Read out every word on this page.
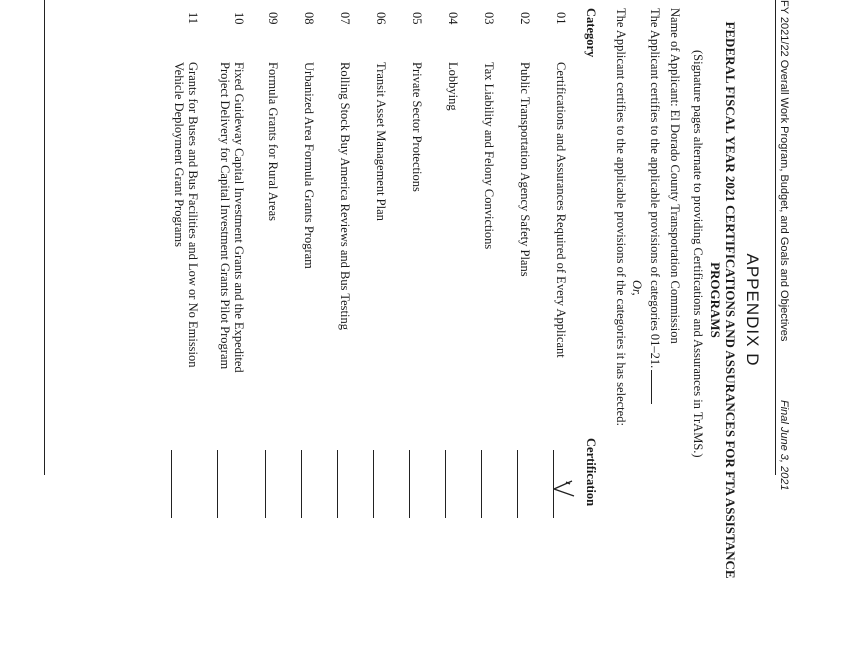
FY 2021/22 Overall Work Program, Budget, and Goals and Objectives
Final June 3, 2021
APPENDIX D
FEDERAL FISCAL YEAR 2021 CERTIFICATIONS AND ASSURANCES FOR FTA ASSISTANCE PROGRAMS
(Signature pages alternate to providing Certifications and Assurances in TrAMS.)
Name of Applicant: El Dorado County Transportation Commission
The Applicant certifies to the applicable provisions of categories 01–21.
Or,
The Applicant certifies to the applicable provisions of the categories it has selected:
Category
Certification
01
Certifications and Assurances Required of Every Applicant
02
Public Transportation Agency Safety Plans
03
Tax Liability and Felony Convictions
04
Lobbying
05
Private Sector Protections
06
Transit Asset Management Plan
07
Rolling Stock Buy America Reviews and Bus Testing
08
Urbanized Area Formula Grants Program
09
Formula Grants for Rural Areas
10
Fixed Guideway Capital Investment Grants and the Expedited
Project Delivery for Capital Investment Grants Pilot Program
11
Grants for Buses and Bus Facilities and Low or No Emission
Vehicle Deployment Grant Programs
